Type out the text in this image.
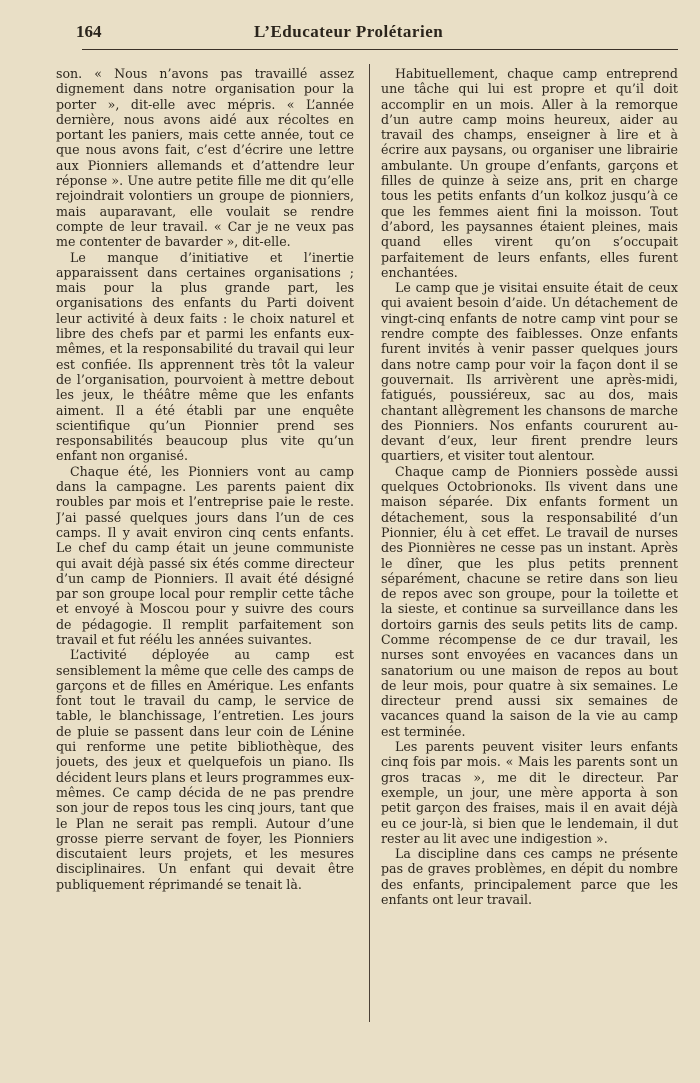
164	L’Educateur Prolétarien

son. « Nous n’avons pas travaillé assez dignement dans notre organisation pour la porter », dit-elle avec mépris. « L’année dernière, nous avons aidé aux récoltes en portant les paniers, mais cette année, tout ce que nous avons fait, c’est d’écrire une lettre aux Pionniers allemands et d’attendre leur réponse ». Une autre petite fille me dit qu’elle rejoindrait volontiers un groupe de pionniers, mais auparavant, elle voulait se rendre compte de leur travail. « Car je ne veux pas me contenter de bavarder », dit-elle.

Le manque d’initiative et l’inertie apparaissent dans certaines organisations ; mais pour la plus grande part, les organisations des enfants du Parti doivent leur activité à deux faits : le choix naturel et libre des chefs par et parmi les enfants eux-mêmes, et la responsabilité du travail qui leur est confiée. Ils apprennent très tôt la valeur de l’organisation, pourvoient à mettre debout les jeux, le théâtre même que les enfants aiment. Il a été établi par une enquête scientifique qu’un Pionnier prend ses responsabilités beaucoup plus vite qu’un enfant non organisé.

Chaque été, les Pionniers vont au camp dans la campagne. Les parents paient dix roubles par mois et l’entreprise paie le reste. J’ai passé quelques jours dans l’un de ces camps. Il y avait environ cinq cents enfants. Le chef du camp était un jeune communiste qui avait déjà passé six étés comme directeur d’un camp de Pionniers. Il avait été désigné par son groupe local pour remplir cette tâche et envoyé à Moscou pour y suivre des cours de pédagogie. Il remplit parfaitement son travail et fut réélu les années suivantes.

L’activité déployée au camp est sensiblement la même que celle des camps de garçons et de filles en Amérique. Les enfants font tout le travail du camp, le service de table, le blanchissage, l’entretien. Les jours de pluie se passent dans leur coin de Lénine qui renforme une petite bibliothèque, des jouets, des jeux et quelquefois un piano. Ils décident leurs plans et leurs programmes eux-mêmes. Ce camp décida de ne pas prendre son jour de repos tous les cinq jours, tant que le Plan ne serait pas rempli. Autour d’une grosse pierre servant de foyer, les Pionniers discutaient leurs projets, et les mesures disciplinaires. Un enfant qui devait être publiquement réprimandé se tenait là.

Habituellement, chaque camp entreprend une tâche qui lui est propre et qu’il doit accomplir en un mois. Aller à la remorque d’un autre camp moins heureux, aider au travail des champs, enseigner à lire et à écrire aux paysans, ou organiser une librairie ambulante. Un groupe d’enfants, garçons et filles de quinze à seize ans, prit en charge tous les petits enfants d’un kolkoz jusqu’à ce que les femmes aient fini la moisson. Tout d’abord, les paysannes étaient pleines, mais quand elles virent qu’on s’occupait parfaitement de leurs enfants, elles furent enchantées.

Le camp que je visitai ensuite était de ceux qui avaient besoin d’aide. Un détachement de vingt-cinq enfants de notre camp vint pour se rendre compte des faiblesses. Onze enfants furent invités à venir passer quelques jours dans notre camp pour voir la façon dont il se gouvernait. Ils arrivèrent une après-midi, fatigués, poussiéreux, sac au dos, mais chantant allègrement les chansons de marche des Pionniers. Nos enfants coururent au-devant d’eux, leur firent prendre leurs quartiers, et visiter tout alentour.

Chaque camp de Pionniers possède aussi quelques Octobrionoks. Ils vivent dans une maison séparée. Dix enfants forment un détachement, sous la responsabilité d’un Pionnier, élu à cet effet. Le travail de nurses des Pionnières ne cesse pas un instant. Après le dîner, que les plus petits prennent séparément, chacune se retire dans son lieu de repos avec son groupe, pour la toilette et la sieste, et continue sa surveillance dans les dortoirs garnis des seuls petits lits de camp. Comme récompense de ce dur travail, les nurses sont envoyées en vacances dans un sanatorium ou une maison de repos au bout de leur mois, pour quatre à six semaines. Le directeur prend aussi six semaines de vacances quand la saison de la vie au camp est terminée.

Les parents peuvent visiter leurs enfants cinq fois par mois. « Mais les parents sont un gros tracas », me dit le directeur. Par exemple, un jour, une mère apporta à son petit garçon des fraises, mais il en avait déjà eu ce jour-là, si bien que le lendemain, il dut rester au lit avec une indigestion ».

La discipline dans ces camps ne présente pas de graves problèmes, en dépit du nombre des enfants, principalement parce que les enfants ont leur travail.
